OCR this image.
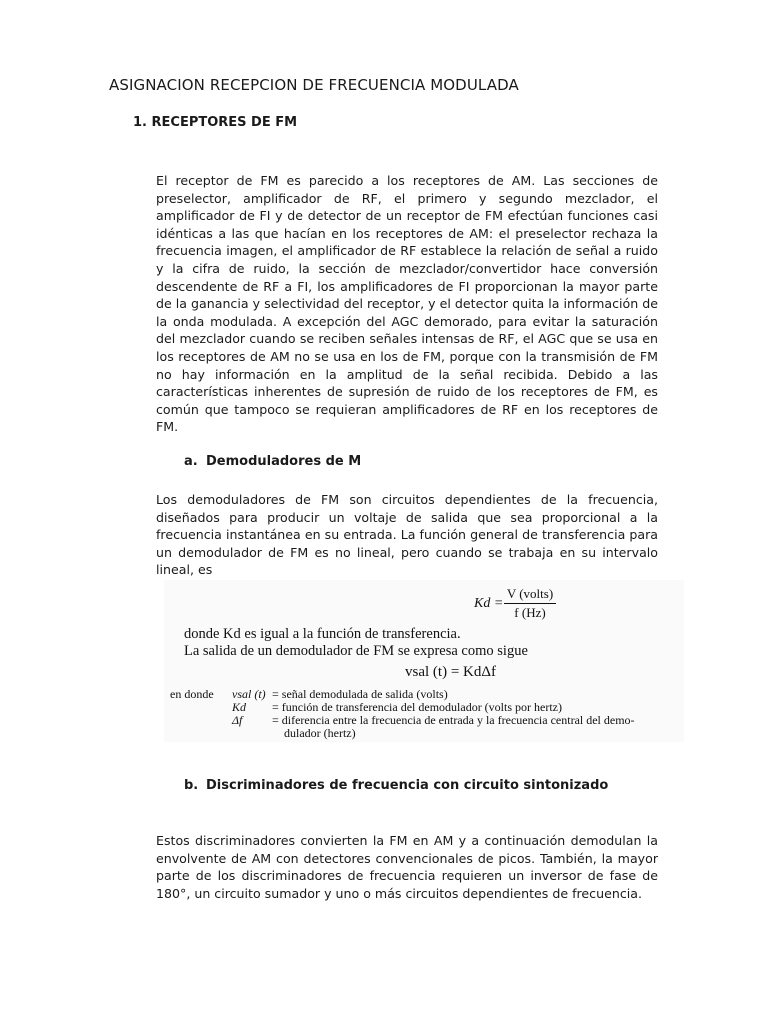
ASIGNACION RECEPCION DE FRECUENCIA MODULADA
1. RECEPTORES DE FM
El receptor de FM es parecido a los receptores de AM. Las secciones de preselector, amplificador de RF, el primero y segundo mezclador, el amplificador de FI y de detector de un receptor de FM efectúan funciones casi idénticas a las que hacían en los receptores de AM: el preselector rechaza la frecuencia imagen, el amplificador de RF establece la relación de señal a ruido y la cifra de ruido, la sección de mezclador/convertidor hace conversión descendente de RF a FI, los amplificadores de FI proporcionan la mayor parte de la ganancia y selectividad del receptor, y el detector quita la información de la onda modulada. A excepción del AGC demorado, para evitar la saturación del mezclador cuando se reciben señales intensas de RF, el AGC que se usa en los receptores de AM no se usa en los de FM, porque con la transmisión de FM no hay información en la amplitud de la señal recibida. Debido a las características inherentes de supresión de ruido de los receptores de FM, es común que tampoco se requieran amplificadores de RF en los receptores de FM.
a. Demoduladores de M
Los demoduladores de FM son circuitos dependientes de la frecuencia, diseñados para producir un voltaje de salida que sea proporcional a la frecuencia instantánea en su entrada. La función general de transferencia para un demodulador de FM es no lineal, pero cuando se trabaja en su intervalo lineal, es
Kd =
V (volts)
f (Hz)
donde Kd es igual a la función de transferencia.
La salida de un demodulador de FM se expresa como sigue
vsal (t) = KdΔf
en donde vsal (t) = señal demodulada de salida (volts)
Kd = función de transferencia del demodulador (volts por hertz)
Δf = diferencia entre la frecuencia de entrada y la frecuencia central del demo-
dulador (hertz)
b. Discriminadores de frecuencia con circuito sintonizado
Estos discriminadores convierten la FM en AM y a continuación demodulan la envolvente de AM con detectores convencionales de picos. También, la mayor parte de los discriminadores de frecuencia requieren un inversor de fase de 180°, un circuito sumador y uno o más circuitos dependientes de frecuencia.
